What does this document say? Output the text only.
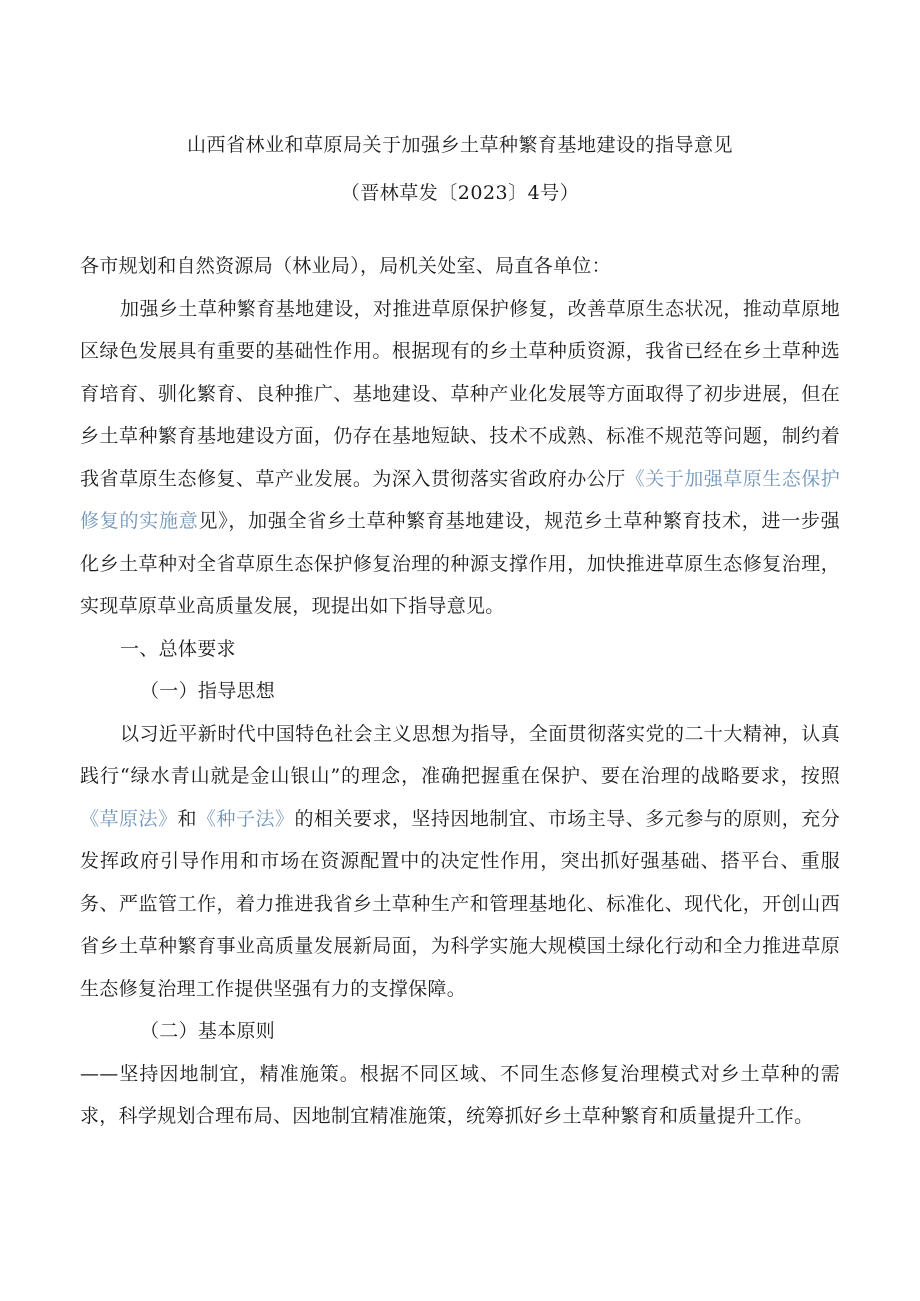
山西省林业和草原局关于加强乡土草种繁育基地建设的指导意见
（晋林草发〔2023〕4号）

各市规划和自然资源局（林业局），局机关处室、局直各单位：

加强乡土草种繁育基地建设，对推进草原保护修复，改善草原生态状况，推动草原地区绿色发展具有重要的基础性作用。根据现有的乡土草种质资源，我省已经在乡土草种选育培育、驯化繁育、良种推广、基地建设、草种产业化发展等方面取得了初步进展，但在乡土草种繁育基地建设方面，仍存在基地短缺、技术不成熟、标准不规范等问题，制约着我省草原生态修复、草产业发展。为深入贯彻落实省政府办公厅《关于加强草原生态保护修复的实施意见》，加强全省乡土草种繁育基地建设，规范乡土草种繁育技术，进一步强化乡土草种对全省草原生态保护修复治理的种源支撑作用，加快推进草原生态修复治理，实现草原草业高质量发展，现提出如下指导意见。

一、总体要求

（一）指导思想

以习近平新时代中国特色社会主义思想为指导，全面贯彻落实党的二十大精神，认真践行“绿水青山就是金山银山”的理念，准确把握重在保护、要在治理的战略要求，按照《草原法》和《种子法》的相关要求，坚持因地制宜、市场主导、多元参与的原则，充分发挥政府引导作用和市场在资源配置中的决定性作用，突出抓好强基础、搭平台、重服务、严监管工作，着力推进我省乡土草种生产和管理基地化、标准化、现代化，开创山西省乡土草种繁育事业高质量发展新局面，为科学实施大规模国土绿化行动和全力推进草原生态修复治理工作提供坚强有力的支撑保障。

（二）基本原则

——坚持因地制宜，精准施策。根据不同区域、不同生态修复治理模式对乡土草种的需求，科学规划合理布局、因地制宜精准施策，统筹抓好乡土草种繁育和质量提升工作。
